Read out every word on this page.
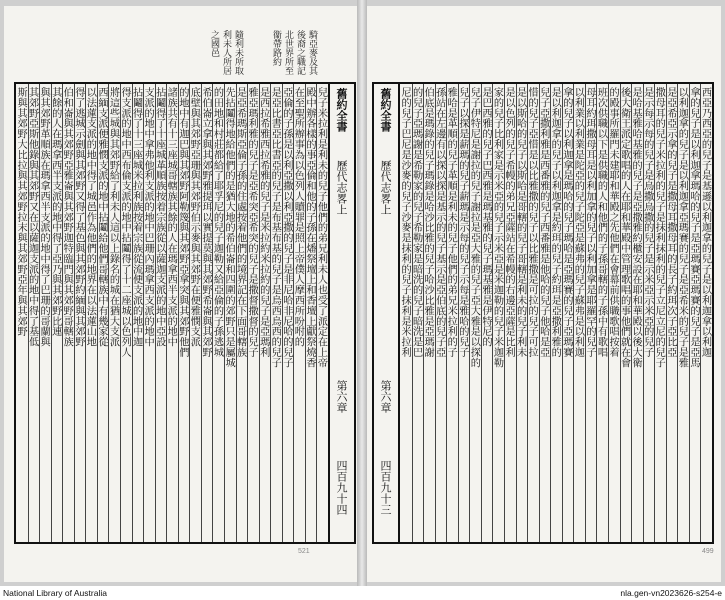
兒子米拉利是利未的兒子他們的弟兄利未人也受了派定在上帝
殿中辦各樣的事亞倫和他的子孫在燔祭壇上和香壇上獻祭燒香
在至聖所辦事為以色列人贖罪是照上帝僕人摩西所吩咐的
亞倫的子孫是以利亞撒以利亞撒的兒子是非尼哈非尼哈的兒子
是亞比書亞比書亞的兒子是布基布基的兒子是烏西烏西的兒子
是西拉希雅西拉希雅的兒子是米拉約米拉約的兒子是亞瑪利
雅亞瑪利雅的兒子是亞希突亞希突的兒子是撒督撒督的兒子
是亞希瑪斯亞倫子孫的住處按着他們的境界記在下面哥轄族
先拈鬮得地給他們的是猶大地的希伯崙和四圍的郊野只是屬城
的田地和村莊都給了耶孚尼的兒子迦勒又給亞倫的子孫逃城
希伯崙立拿與其郊野雅提珥以實提莫與其郊野希崙與其郊野
底壁與其郊野亞珊與其郊野伯示麥與其郊野在便雅憫支派
的地中有迦巴與其郊野阿勒篾與其郊野亞拿突與其郊野他們
諸族共有十三座城哥轄族其餘的人在瑪拿西半支派的地中
拈鬮得了十座城革順族按着宗族從以薩迦支派的地中亞設
支派的地中拿弗他利支派的地中巴珊內瑪拿西支派的地中
拈鬮得了十三座城米拉利族按着宗族從流便支派的地中迦
得支派的地中西布倫支派的地中拈鬮得了十二座城以色列人
將這些城與其郊野給了利未人這以上錄名的城在猶大支派
西緬支派便雅憫支派的地中拈鬮給他們哥轄族中有幾家從
以法蓮支派的地中得了城邑作為他們的地界在以法蓮山地
得了逃城示劍與其郊野又得了基色與其郊野約緬與其郊野
伯和崙與其郊野亞雅崙與其郊野迦特臨門與其郊野哥轄族
其餘的人在瑪拿西半支派的地中得了亞乃與其郊野比連
與其郊野革順族在瑪拿西半支派的地中得了巴珊的哥蘭與
其郊野亞斯他錄與其郊野又在以薩迦支派的地中得了基低
斯與其郊野大比拉與其郊野拉末與其郊野亞年與其郊野	舊約全書
歷代志畧上
第六章
四百九十四
騎亞麥及其
後裔之職記
北世界所至
衞帶路約
隨利未所取
利未人所居
之國邑
舊約全書
歷代志畧上
第六章
四百九十三
西亞乃西亞的兒子是基遜以利迦拿的兒子是以利迦拿以利迦
拿的兒子是以利迦拿瑪哈的兒子是亞瑪賽亞瑪賽的兒子是亞馬
以利迦拿的兒子是以利迦拿亞瑪賽的兒子是亞希米的兒子是雅
是亞希亞示拿的兒子是撒母耳撒母耳的長子約珥次子亞比亞
撒母耳的兒子米拉利的兒子是抹利抹利的兒子立尼立尼的兒子
是示每示每的兒子是烏撒烏撒的兒子是示米亞示米亞的兒子
是哈基雅哈基雅的兒子是亞撒雅約櫃安設在耶和華殿以後大衛
後大衛王派定歌唱的人在耶和華殿中管理歌唱的事他們就在會
的殿事所羅門未建耶和華殿之先他們在會幕前供職歌唱按着
班次供職以下是供職的人和他們的子孫哥轄的子孫中有歌唱
母耳約珥撒母耳是以利加拿的兒子以利加拿是耶羅罕的兒子
以利業以利業是陀亞的兒子陀亞是蘇弗的兒子蘇弗是以利迦
拿的兒子以利迦拿是瑪哈的兒子瑪哈是亞瑪賽的兒子亞瑪賽
是以利迦拿的兒子以利迦拿是約珥的兒子約珥是亞撒利雅的
兒子亞撒利雅是西番雅的兒子西番雅是他哈的兒子他哈是亞
惜的兒子亞惜是以比雅撒的兒子以比雅撒是可拉的兒子可拉
是以斯哈的兒子以斯哈是哥轄的兒子哥轄是利未的兒子利未
是以色列的兒子希幔的弟兄亞薩站在希幔的右邊亞薩是比利
家的兒子比利家是示米亞的兒子示米亞是米迦勒的兒子米迦勒
是巴西雅的兒子巴西雅是瑪基雅的兒子瑪基雅是伊特尼的
兒子伊特尼是謝拉的兒子謝拉是亞大雅的兒子亞大雅是以探的
兒子以探是薪瑪的兒子薪瑪是示每的兒子示每是雅哈的兒子
雅哈是革順的兒子革順是利未的兒子他們的弟兄米拉利的子
孫站在左邊有以探以探是基示的兒子基示是亞伯底的兒子亞
伯底是瑪錄的兒子瑪錄是哈沙比雅的兒子哈沙比雅是亞瑪謝
的兒子亞瑪謝是希勒家的兒子希勒家是暗洗的兒子暗洗是巴
尼的兒子巴尼是沙麥的兒子沙麥是抹利的兒子抹利是米拉利
521	499
National Library of Australia	nla.gen-vn2023626-s254-e
